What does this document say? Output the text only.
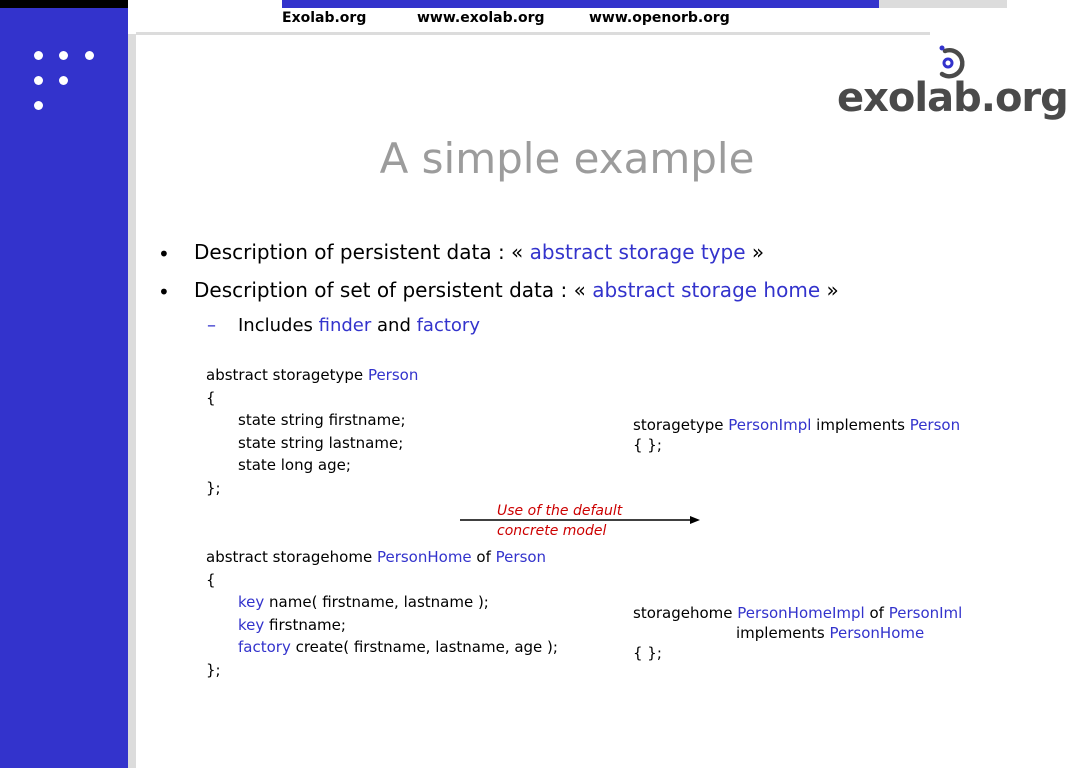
Exolab.org	www.exolab.org	www.openorb.org
exolab.org
A simple example
• Description of persistent data : « abstract storage type »
• Description of set of persistent data : « abstract storage home »
– Includes finder and factory
abstract storagetype Person
{
state string firstname;
state string lastname;
state long age;
};
storagetype PersonImpl implements Person
{ };
Use of the default
concrete model
abstract storagehome PersonHome of Person
{
key name( firstname, lastname );
key firstname;
factory create( firstname, lastname, age );
};
storagehome PersonHomeImpl of PersonIml
implements PersonHome
{ };
